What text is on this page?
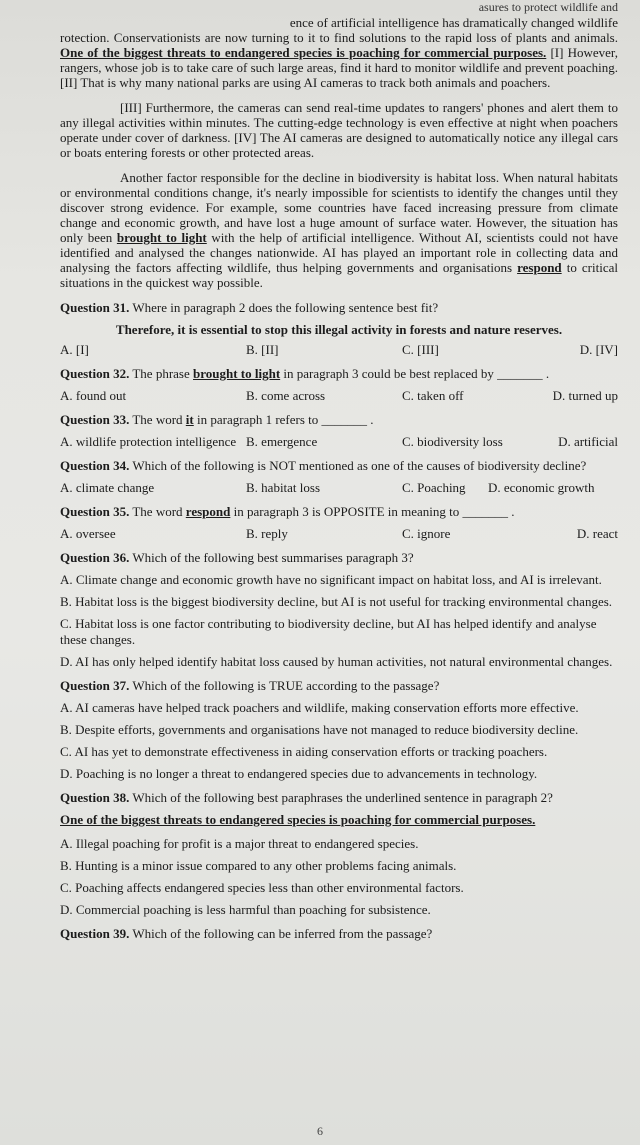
asures to protect wildlife and
ence of artificial intelligence has dramatically changed wildlife
rotection. Conservationists are now turning to it to find solutions to the rapid loss of plants and animals. One of the biggest threats to endangered species is poaching for commercial purposes. [I] However, rangers, whose job is to take care of such large areas, find it hard to monitor wildlife and prevent poaching. [II] That is why many national parks are using AI cameras to track both animals and poachers.

[III] Furthermore, the cameras can send real-time updates to rangers' phones and alert them to any illegal activities within minutes. The cutting-edge technology is even effective at night when poachers operate under cover of darkness. [IV] The AI cameras are designed to automatically notice any illegal cars or boats entering forests or other protected areas.

Another factor responsible for the decline in biodiversity is habitat loss. When natural habitats or environmental conditions change, it's nearly impossible for scientists to identify the changes until they discover strong evidence. For example, some countries have faced increasing pressure from climate change and economic growth, and have lost a huge amount of surface water. However, the situation has only been brought to light with the help of artificial intelligence. Without AI, scientists could not have identified and analysed the changes nationwide. AI has played an important role in collecting data and analysing the factors affecting wildlife, thus helping governments and organisations respond to critical situations in the quickest way possible.

Question 31. Where in paragraph 2 does the following sentence best fit?
Therefore, it is essential to stop this illegal activity in forests and nature reserves.
A. [I]	B. [II]	C. [III]	D. [IV]
Question 32. The phrase brought to light in paragraph 3 could be best replaced by _______ .
A. found out	B. come across	C. taken off	D. turned up
Question 33. The word it in paragraph 1 refers to _______ .
A. wildlife protection intelligence B. emergence	C. biodiversity loss	D. artificial
Question 34. Which of the following is NOT mentioned as one of the causes of biodiversity decline?
A. climate change	B. habitat loss	C. Poaching	D. economic growth
Question 35. The word respond in paragraph 3 is OPPOSITE in meaning to _______ .
A. oversee	B. reply	C. ignore	D. react
Question 36. Which of the following best summarises paragraph 3?
A. Climate change and economic growth have no significant impact on habitat loss, and AI is irrelevant.
B. Habitat loss is the biggest biodiversity decline, but AI is not useful for tracking environmental changes.
C. Habitat loss is one factor contributing to biodiversity decline, but AI has helped identify and analyse these changes.
D. AI has only helped identify habitat loss caused by human activities, not natural environmental changes.
Question 37. Which of the following is TRUE according to the passage?
A. AI cameras have helped track poachers and wildlife, making conservation efforts more effective.
B. Despite efforts, governments and organisations have not managed to reduce biodiversity decline.
C. AI has yet to demonstrate effectiveness in aiding conservation efforts or tracking poachers.
D. Poaching is no longer a threat to endangered species due to advancements in technology.
Question 38. Which of the following best paraphrases the underlined sentence in paragraph 2?
One of the biggest threats to endangered species is poaching for commercial purposes.
A. Illegal poaching for profit is a major threat to endangered species.
B. Hunting is a minor issue compared to any other problems facing animals.
C. Poaching affects endangered species less than other environmental factors.
D. Commercial poaching is less harmful than poaching for subsistence.
Question 39. Which of the following can be inferred from the passage?
6
